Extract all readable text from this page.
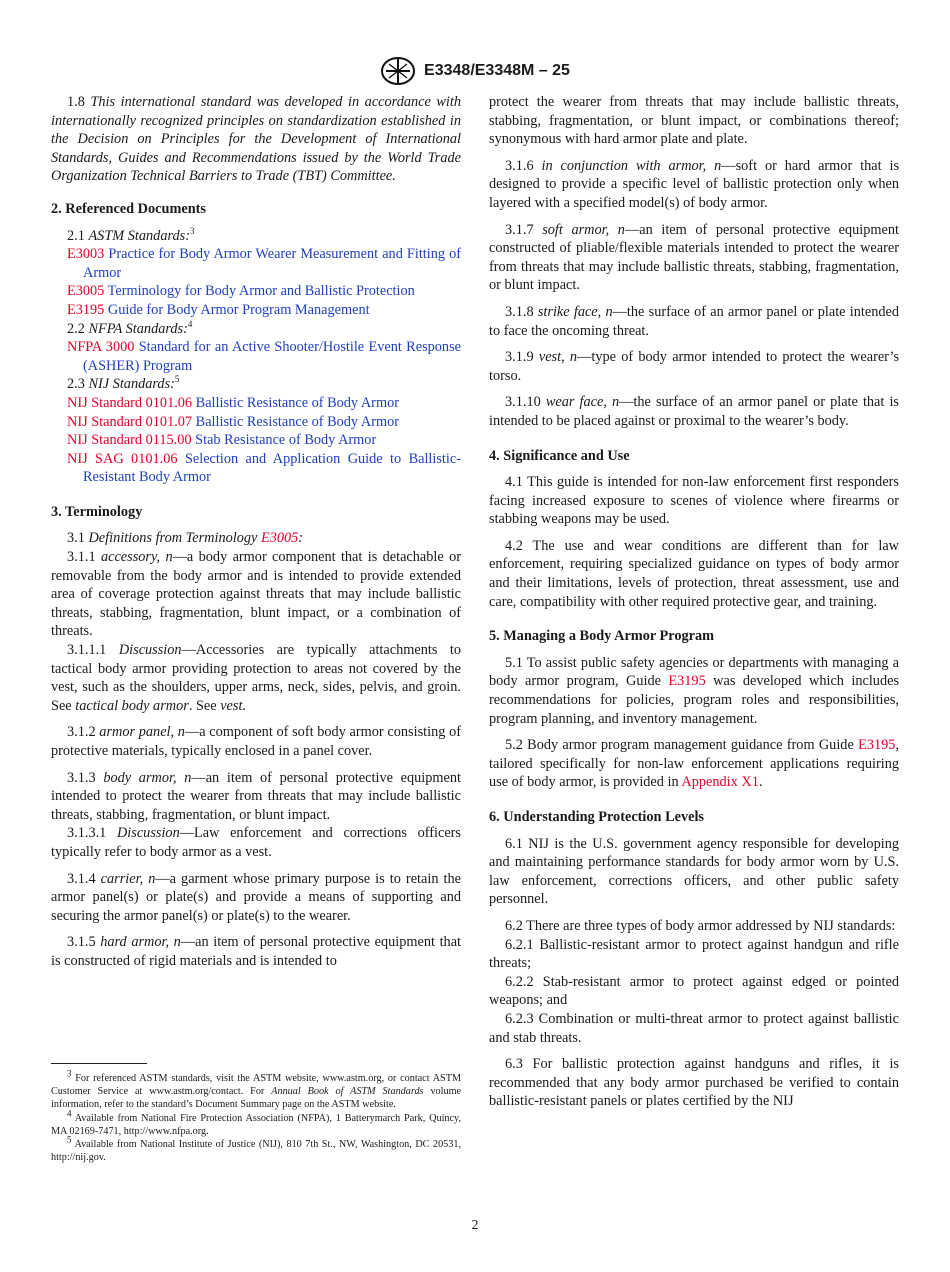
E3348/E3348M – 25

1.8 This international standard was developed in accordance with internationally recognized principles on standardization established in the Decision on Principles for the Development of International Standards, Guides and Recommendations issued by the World Trade Organization Technical Barriers to Trade (TBT) Committee.

2. Referenced Documents

2.1 ASTM Standards:$^3$

E3003 Practice for Body Armor Wearer Measurement and Fitting of Armor

E3005 Terminology for Body Armor and Ballistic Protection

E3195 Guide for Body Armor Program Management

2.2 NFPA Standards:$^4$

NFPA 3000 Standard for an Active Shooter/Hostile Event Response (ASHER) Program

2.3 NIJ Standards:$^5$

NIJ Standard 0101.06 Ballistic Resistance of Body Armor

NIJ Standard 0101.07 Ballistic Resistance of Body Armor

NIJ Standard 0115.00 Stab Resistance of Body Armor

NIJ SAG 0101.06 Selection and Application Guide to Ballistic-Resistant Body Armor

3. Terminology

3.1 Definitions from Terminology E3005:

3.1.1 accessory, n—a body armor component that is detachable or removable from the body armor and is intended to provide extended area of coverage protection against threats that may include ballistic threats, stabbing, fragmentation, blunt impact, or a combination of threats.

3.1.1.1 Discussion—Accessories are typically attachments to tactical body armor providing protection to areas not covered by the vest, such as the shoulders, upper arms, neck, sides, pelvis, and groin. See tactical body armor. See vest.

3.1.2 armor panel, n—a component of soft body armor consisting of protective materials, typically enclosed in a panel cover.

3.1.3 body armor, n—an item of personal protective equipment intended to protect the wearer from threats that may include ballistic threats, stabbing, fragmentation, or blunt impact.

3.1.3.1 Discussion—Law enforcement and corrections officers typically refer to body armor as a vest.

3.1.4 carrier, n—a garment whose primary purpose is to retain the armor panel(s) or plate(s) and provide a means of supporting and securing the armor panel(s) or plate(s) to the wearer.

3.1.5 hard armor, n—an item of personal protective equipment that is constructed of rigid materials and is intended to

protect the wearer from threats that may include ballistic threats, stabbing, fragmentation, or blunt impact, or combinations thereof; synonymous with hard armor plate and plate.

3.1.6 in conjunction with armor, n—soft or hard armor that is designed to provide a specific level of ballistic protection only when layered with a specified model(s) of body armor.

3.1.7 soft armor, n—an item of personal protective equipment constructed of pliable/flexible materials intended to protect the wearer from threats that may include ballistic threats, stabbing, fragmentation, or blunt impact.

3.1.8 strike face, n—the surface of an armor panel or plate intended to face the oncoming threat.

3.1.9 vest, n—type of body armor intended to protect the wearer’s torso.

3.1.10 wear face, n—the surface of an armor panel or plate that is intended to be placed against or proximal to the wearer’s body.

4. Significance and Use

4.1 This guide is intended for non-law enforcement first responders facing increased exposure to scenes of violence where firearms or stabbing weapons may be used.

4.2 The use and wear conditions are different than for law enforcement, requiring specialized guidance on types of body armor and their limitations, levels of protection, threat assessment, use and care, compatibility with other required protective gear, and training.

5. Managing a Body Armor Program

5.1 To assist public safety agencies or departments with managing a body armor program, Guide E3195 was developed which includes recommendations for policies, program roles and responsibilities, program planning, and inventory management.

5.2 Body armor program management guidance from Guide E3195, tailored specifically for non-law enforcement applications requiring use of body armor, is provided in Appendix X1.

6. Understanding Protection Levels

6.1 NIJ is the U.S. government agency responsible for developing and maintaining performance standards for body armor worn by U.S. law enforcement, corrections officers, and other public safety personnel.

6.2 There are three types of body armor addressed by NIJ standards:

6.2.1 Ballistic-resistant armor to protect against handgun and rifle threats;

6.2.2 Stab-resistant armor to protect against edged or pointed weapons; and

6.2.3 Combination or multi-threat armor to protect against ballistic and stab threats.

6.3 For ballistic protection against handguns and rifles, it is recommended that any body armor purchased be verified to contain ballistic-resistant panels or plates certified by the NIJ

$^3$ For referenced ASTM standards, visit the ASTM website, www.astm.org, or contact ASTM Customer Service at www.astm.org/contact. For Annual Book of ASTM Standards volume information, refer to the standard’s Document Summary page on the ASTM website.

$^4$ Available from National Fire Protection Association (NFPA), 1 Batterymarch Park, Quincy, MA 02169-7471, http://www.nfpa.org.

$^5$ Available from National Institute of Justice (NIJ), 810 7th St., NW, Washington, DC 20531, http://nij.gov.

2
